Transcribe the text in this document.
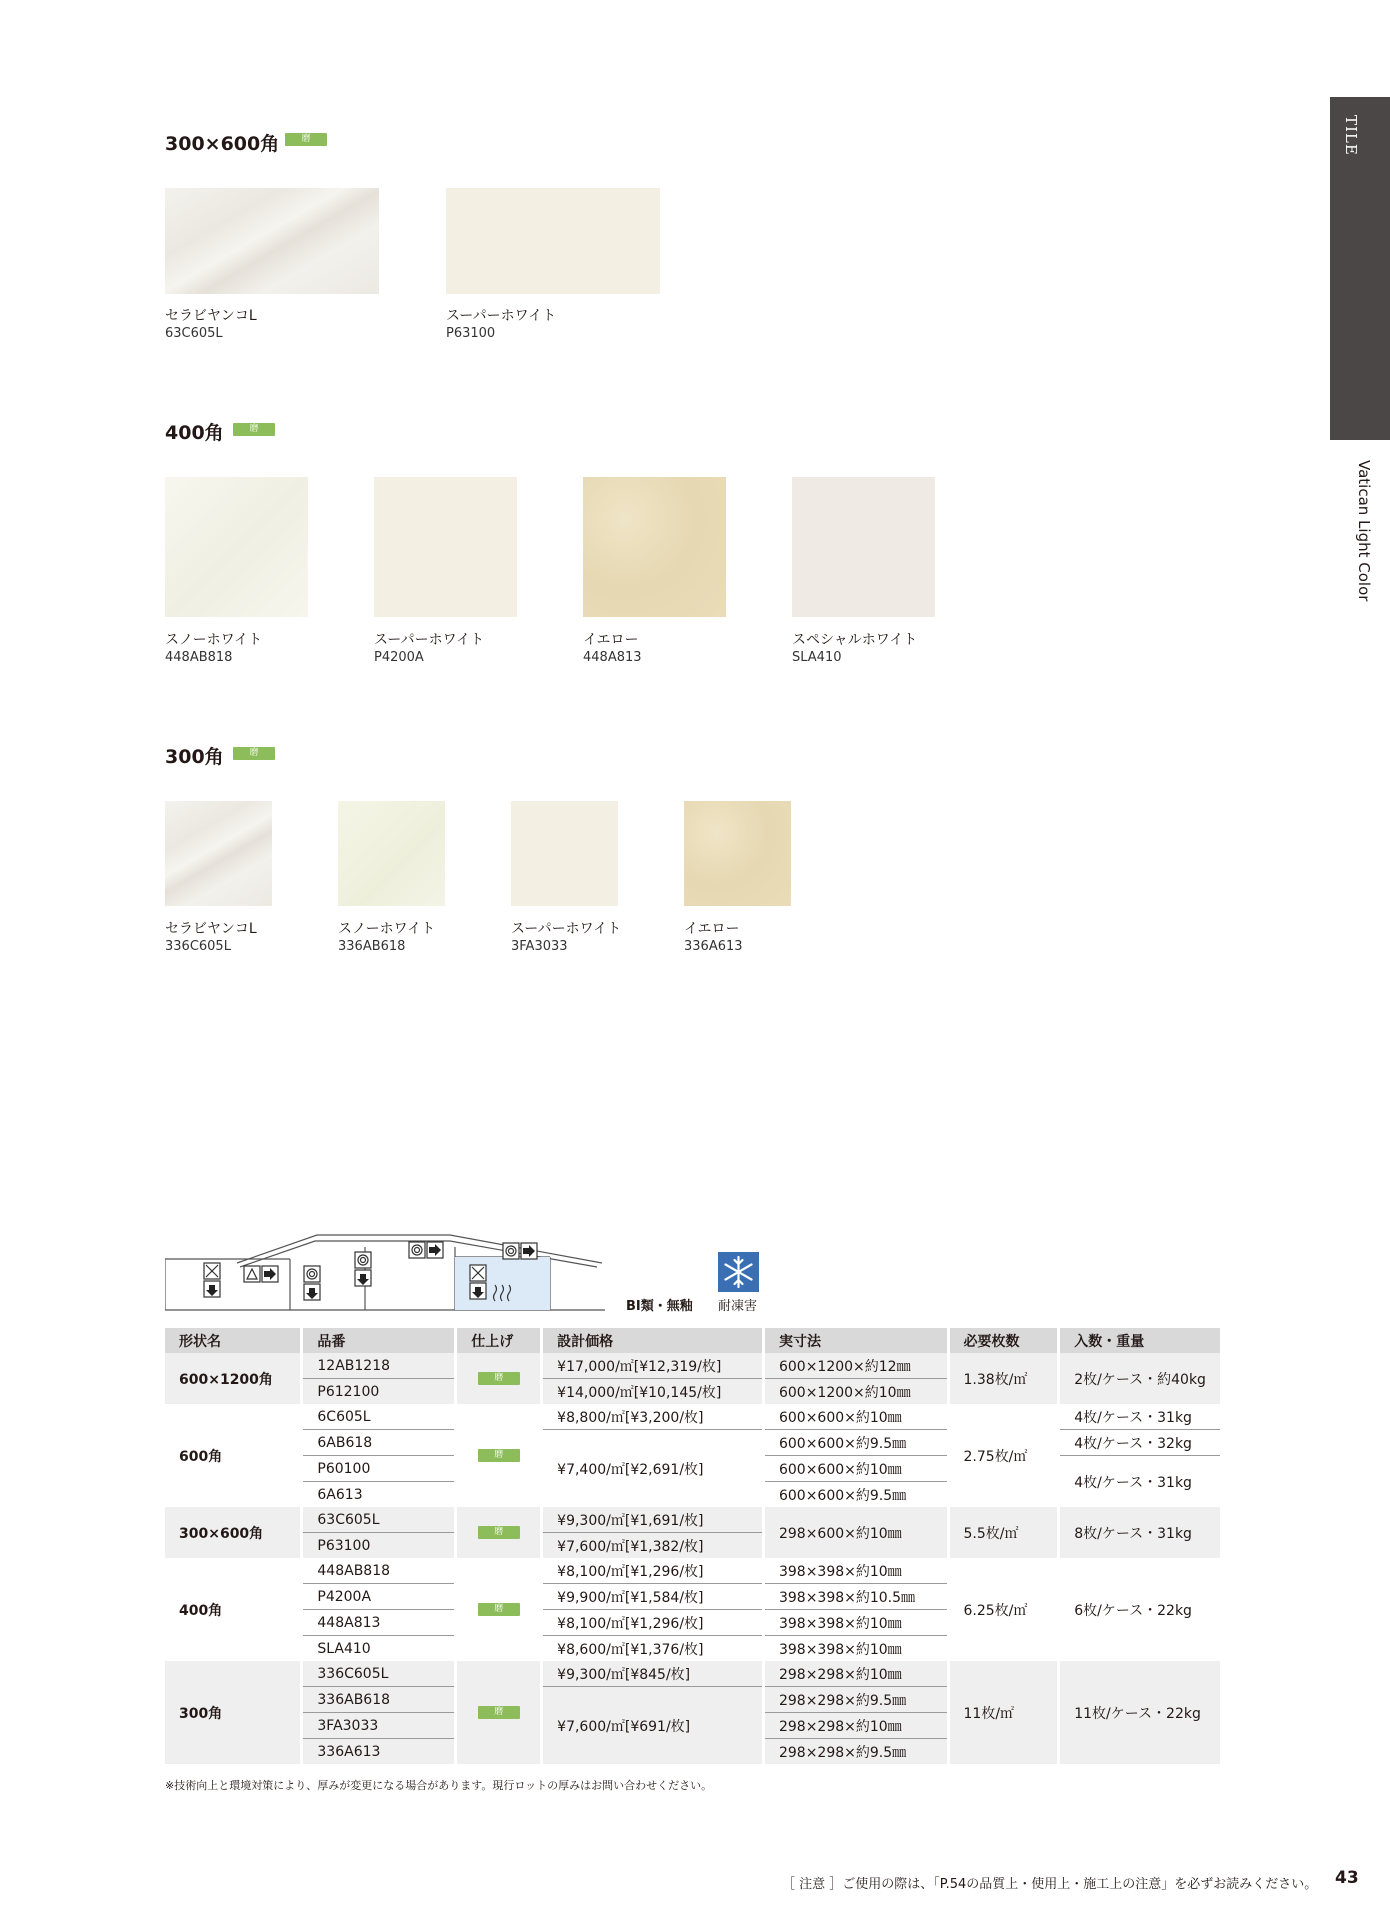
TILE
Vatican Light Color
300×600角	磨
セラビヤンコL
63C605L
スーパーホワイト
P63100
400角	磨
スノーホワイト
448AB818
スーパーホワイト
P4200A
イエロー
448A813
スペシャルホワイト
SLA410
300角	磨
セラビヤンコL
336C605L
スノーホワイト
336AB618
スーパーホワイト
3FA3033
イエロー
336A613
BI類・無釉 耐凍害
形状名	品番	仕上げ	設計価格	実寸法	必要枚数	入数・重量
600×1200角	12AB1218	磨	¥17,000/㎡[¥12,319/枚]	600×1200×約12㎜	1.38枚/㎡	2枚/ケース・約40kg
	P612100		¥14,000/㎡[¥10,145/枚]	600×1200×約10㎜		
600角	6C605L	磨	¥8,800/㎡[¥3,200/枚]	600×600×約10㎜	2.75枚/㎡	4枚/ケース・31kg
	6AB618		¥7,400/㎡[¥2,691/枚]	600×600×約9.5㎜		4枚/ケース・32kg
	P60100			600×600×約10㎜		4枚/ケース・31kg
	6A613			600×600×約9.5㎜		
300×600角	63C605L	磨	¥9,300/㎡[¥1,691/枚]	298×600×約10㎜	5.5枚/㎡	8枚/ケース・31kg
	P63100		¥7,600/㎡[¥1,382/枚]			
400角	448AB818	磨	¥8,100/㎡[¥1,296/枚]	398×398×約10㎜	6.25枚/㎡	6枚/ケース・22kg
	P4200A		¥9,900/㎡[¥1,584/枚]	398×398×約10.5㎜		
	448A813		¥8,100/㎡[¥1,296/枚]	398×398×約10㎜		
	SLA410		¥8,600/㎡[¥1,376/枚]	398×398×約10㎜		
300角	336C605L	磨	¥9,300/㎡[¥845/枚]	298×298×約10㎜	11枚/㎡	11枚/ケース・22kg
	336AB618		¥7,600/㎡[¥691/枚]	298×298×約9.5㎜		
	3FA3033			298×298×約10㎜		
	336A613			298×298×約9.5㎜		
※技術向上と環境対策により、厚みが変更になる場合があります。現行ロットの厚みはお問い合わせください。
［ 注意 ］ご使用の際は、「P.54の品質上・使用上・施工上の注意」を必ずお読みください。 43
